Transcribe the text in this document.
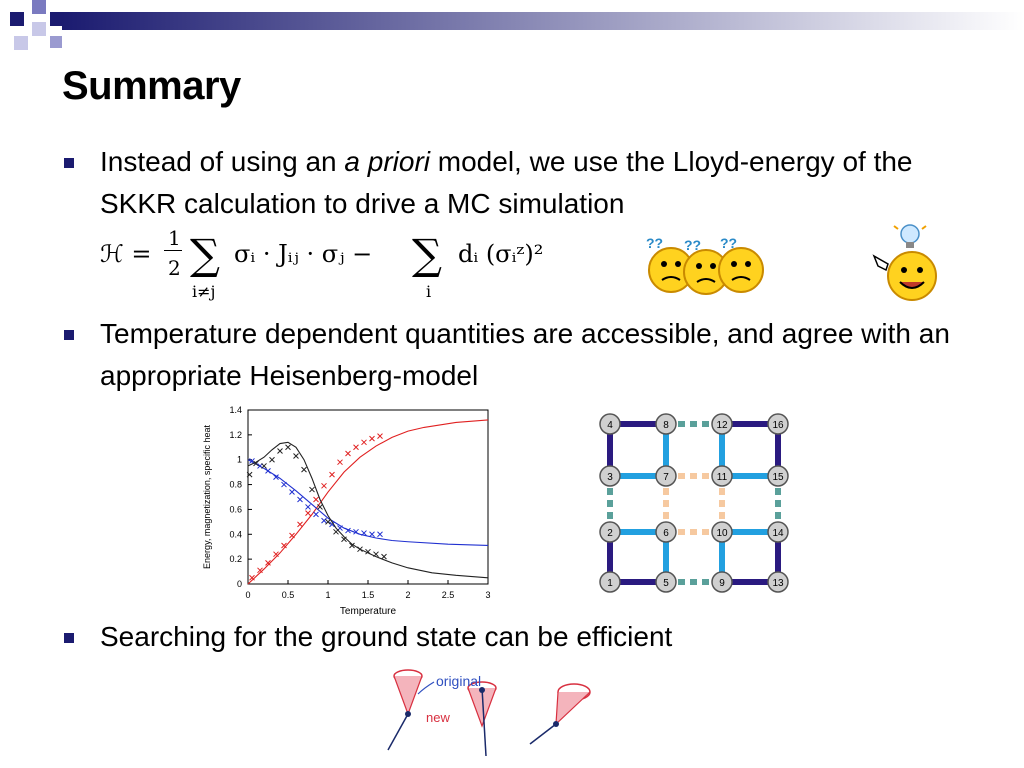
Summary
Instead of using an a priori model, we use the Lloyd-energy of the SKKR calculation to drive a MC simulation
ℋ =
1
2 ∑
i≠j
σᵢ · Jᵢⱼ · σⱼ − ∑
i
dᵢ (σᵢᶻ)²	?? ?? ??
Temperature dependent quantities are accessible, and agree with an appropriate Heisenberg-model
0	0.5	1	1.5	2	2.5	3
0
0.2
0.4
0.6
0.8
1
1.2
1.4
Temperature
Energy, magnetization, specific heat	4	8	12	16
3	7	11	15
2	6	10	14
1	5	9	13
Searching for the ground state can be efficient
original
new
